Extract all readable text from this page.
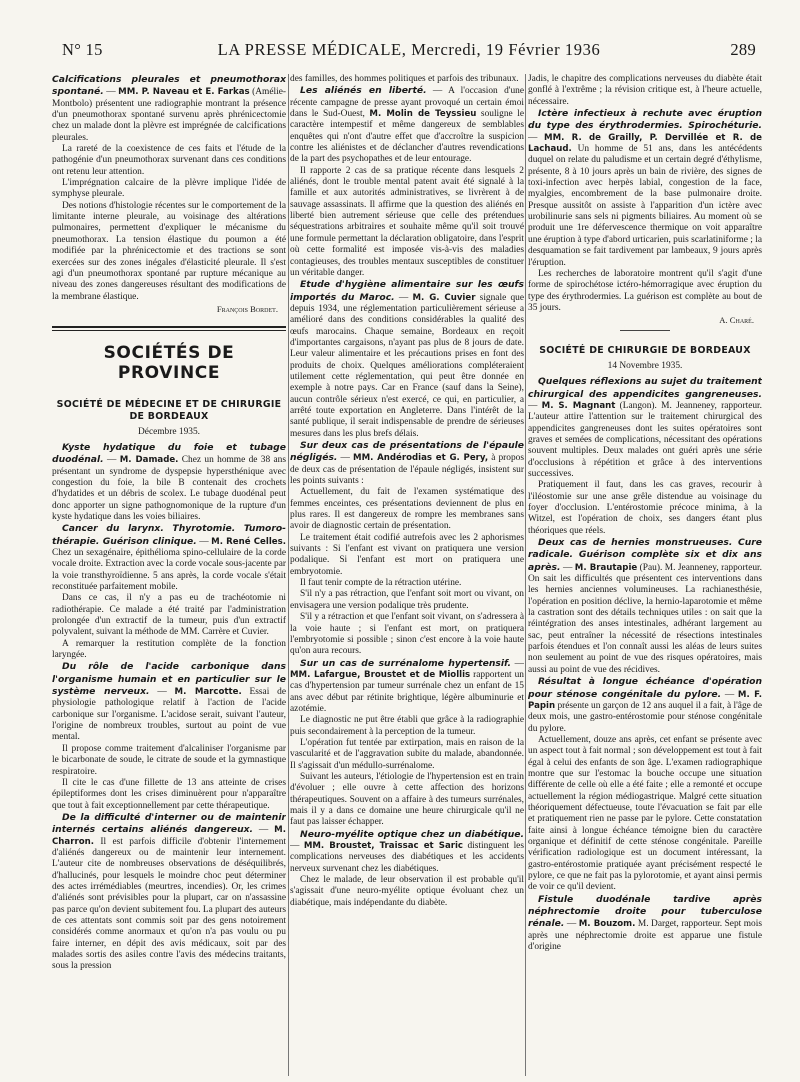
N° 15	LA PRESSE MÉDICALE, Mercredi, 19 Février 1936	289

Calcifications pleurales et pneumothorax spontané. — MM. P. Naveau et E. Farkas (Amélie-Montbolo) présentent une radiographie montrant la présence d'un pneumothorax spontané survenu après phrénicectomie chez un malade dont la plèvre est imprégnée de calcifications pleurales.

La rareté de la coexistence de ces faits et l'étude de la pathogénie d'un pneumothorax survenant dans ces conditions ont retenu leur attention.

L'imprégnation calcaire de la plèvre implique l'idée de symphyse pleurale.

Des notions d'histologie récentes sur le comportement de la limitante interne pleurale, au voisinage des altérations pulmonaires, permettent d'expliquer le mécanisme du pneumothorax. La tension élastique du poumon a été modifiée par la phrénicectomie et des tractions se sont exercées sur des zones inégales d'élasticité pleurale. Il s'est agi d'un pneumothorax spontané par rupture mécanique au niveau des zones dangereuses résultant des modifications de la membrane élastique.

François Bordet.
SOCIÉTÉS DE PROVINCE
SOCIÉTÉ DE MÉDECINE ET DE CHIRURGIE DE BORDEAUX
Décembre 1935.

Kyste hydatique du foie et tubage duodénal. — M. Damade. Chez un homme de 38 ans présentant un syndrome de dyspepsie hypersthénique avec congestion du foie, la bile B contenait des crochets d'hydatides et un débris de scolex. Le tubage duodénal peut donc apporter un signe pathognomonique de la rupture d'un kyste hydatique dans les voies biliaires.

Cancer du larynx. Thyrotomie. Tumoro-thérapie. Guérison clinique. — M. René Celles. Chez un sexagénaire, épithélioma spino-cellulaire de la corde vocale droite. Extraction avec la corde vocale sous-jacente par la voie transthyroïdienne. 5 ans après, la corde vocale s'était reconstituée parfaitement mobile.

Dans ce cas, il n'y a pas eu de trachéotomie ni radiothérapie. Ce malade a été traité par l'administration prolongée d'un extractif de la tumeur, puis d'un extractif polyvalent, suivant la méthode de MM. Carrère et Cuvier.

A remarquer la restitution complète de la fonction laryngée.

Du rôle de l'acide carbonique dans l'organisme humain et en particulier sur le système nerveux. — M. Marcotte. Essai de physiologie pathologique relatif à l'action de l'acide carbonique sur l'organisme. L'acidose serait, suivant l'auteur, l'origine de nombreux troubles, surtout au point de vue mental.

Il propose comme traitement d'alcaliniser l'organisme par le bicarbonate de soude, le citrate de soude et la gymnastique respiratoire.

Il cite le cas d'une fillette de 13 ans atteinte de crises épileptiformes dont les crises diminuèrent pour n'apparaître que tout à fait exceptionnellement par cette thérapeutique.

De la difficulté d'interner ou de maintenir internés certains aliénés dangereux. — M. Charron. Il est parfois difficile d'obtenir l'internement d'aliénés dangereux ou de maintenir leur internement. L'auteur cite de nombreuses observations de déséquilibrés, d'hallucinés, pour lesquels le moindre choc peut déterminer des actes irrémédiables (meurtres, incendies). Or, les crimes d'aliénés sont prévisibles pour la plupart, car on n'assassine pas parce qu'on devient subitement fou. La plupart des auteurs de ces attentats sont commis soit par des gens notoirement considérés comme anormaux et qu'on n'a pas voulu ou pu faire interner, en dépit des avis médicaux, soit par des malades sortis des asiles contre l'avis des médecins traitants, sous la pression

des familles, des hommes politiques et parfois des tribunaux.

Les aliénés en liberté. — A l'occasion d'une récente campagne de presse ayant provoqué un certain émoi dans le Sud-Ouest, M. Molin de Teyssieu souligne le caractère intempestif et même dangereux de semblables enquêtes qui n'ont d'autre effet que d'accroître la suspicion contre les aliénistes et de déclancher d'autres revendications de la part des psychopathes et de leur entourage.

Il rapporte 2 cas de sa pratique récente dans lesquels 2 aliénés, dont le trouble mental patent avait été signalé à la famille et aux autorités administratives, se livrèrent à de sauvage assassinats. Il affirme que la question des aliénés en liberté bien autrement sérieuse que celle des prétendues séquestrations arbitraires et souhaite même qu'il soit trouvé une formule permettant la déclaration obligatoire, dans l'esprit où cette formalité est imposée vis-à-vis des maladies contagieuses, des troubles mentaux susceptibles de constituer un véritable danger.

Etude d'hygiène alimentaire sur les œufs importés du Maroc. — M. G. Cuvier signale que depuis 1934, une réglementation particulièrement sérieuse a amélioré dans des conditions considérables la qualité des œufs marocains. Chaque semaine, Bordeaux en reçoit d'importantes cargaisons, n'ayant pas plus de 8 jours de date. Leur valeur alimentaire et les précautions prises en font des produits de choix. Quelques améliorations compléteraient utilement cette réglementation, qui peut être donnée en exemple à notre pays. Car en France (sauf dans la Seine), aucun contrôle sérieux n'est exercé, ce qui, en particulier, a arrêté toute exportation en Angleterre. Dans l'intérêt de la santé publique, il serait indispensable de prendre de sérieuses mesures dans les plus brefs délais.

Sur deux cas de présentations de l'épaule négligés. — MM. Andérodias et G. Pery, à propos de deux cas de présentation de l'épaule négligés, insistent sur les points suivants :

Actuellement, du fait de l'examen systématique des femmes enceintes, ces présentations deviennent de plus en plus rares. Il est dangereux de rompre les membranes sans avoir de diagnostic certain de présentation.

Le traitement était codifié autrefois avec les 2 aphorismes suivants : Si l'enfant est vivant on pratiquera une version podalique. Si l'enfant est mort on pratiquera une embryotomie.

Il faut tenir compte de la rétraction utérine.

S'il n'y a pas rétraction, que l'enfant soit mort ou vivant, on envisagera une version podalique très prudente.

S'il y a rétraction et que l'enfant soit vivant, on s'adressera à la voie haute ; si l'enfant est mort, on pratiquera l'embryotomie si possible ; sinon c'est encore à la voie haute qu'on aura recours.

Sur un cas de surrénalome hypertensif. — MM. Lafargue, Broustet et de Miollis rapportent un cas d'hypertension par tumeur surrénale chez un enfant de 15 ans avec début par rétinite brightique, légère albuminurie et azotémie.

Le diagnostic ne put être établi que grâce à la radiographie puis secondairement à la perception de la tumeur.

L'opération fut tentée par extirpation, mais en raison de la vascularité et de l'aggravation subite du malade, abandonnée. Il s'agissait d'un médullo-surrénalome.

Suivant les auteurs, l'étiologie de l'hypertension est en train d'évoluer ; elle ouvre à cette affection des horizons thérapeutiques. Souvent on a affaire à des tumeurs surrénales, mais il y a dans ce domaine une heure chirurgicale qu'il ne faut pas laisser échapper.

Neuro-myélite optique chez un diabétique. — MM. Broustet, Traissac et Saric distinguent les complications nerveuses des diabétiques et les accidents nerveux survenant chez les diabétiques.

Chez le malade, de leur observation il est probable qu'il s'agissait d'une neuro-myélite optique évoluant chez un diabétique, mais indépendante du diabète.

Jadis, le chapitre des complications nerveuses du diabète était gonflé à l'extrême ; la révision critique est, à l'heure actuelle, nécessaire.

Ictère infectieux à rechute avec éruption du type des érythrodermies. Spirochéturie. — MM. R. de Grailly, P. Dervillée et R. de Lachaud. Un homme de 51 ans, dans les antécédents duquel on relate du paludisme et un certain degré d'éthylisme, présente, 8 à 10 jours après un bain de rivière, des signes de toxi-infection avec herpès labial, congestion de la face, myalgies, encombrement de la base pulmonaire droite. Presque aussitôt on assiste à l'apparition d'un ictère avec urobilinurie sans sels ni pigments biliaires. Au moment où se produit une 1re défervescence thermique on voit apparaître une éruption à type d'abord urticarien, puis scarlatiniforme ; la desquamation se fait tardivement par lambeaux, 9 jours après l'éruption.

Les recherches de laboratoire montrent qu'il s'agit d'une forme de spirochétose ictéro-hémorragique avec éruption du type des érythrodermies. La guérison est complète au bout de 35 jours.

A. Charé.
SOCIÉTÉ DE CHIRURGIE DE BORDEAUX
14 Novembre 1935.

Quelques réflexions au sujet du traitement chirurgical des appendicites gangreneuses. — M. S. Magnant (Langon). M. Jeanneney, rapporteur. L'auteur attire l'attention sur le traitement chirurgical des appendicites gangreneuses dont les suites opératoires sont graves et semées de complications, nécessitant des opérations souvent multiples. Deux malades ont guéri après une série d'occlusions à répétition et grâce à des interventions successives.

Pratiquement il faut, dans les cas graves, recourir à l'iléostomie sur une anse grêle distendue au voisinage du foyer d'occlusion. L'entérostomie précoce minima, à la Witzel, est l'opération de choix, ses dangers étant plus théoriques que réels.

Deux cas de hernies monstrueuses. Cure radicale. Guérison complète six et dix ans après. — M. Brautapie (Pau). M. Jeanneney, rapporteur. On sait les difficultés que présentent ces interventions dans les hernies anciennes volumineuses. La rachianesthésie, l'opération en position déclive, la hernio-laparotomie et même la castration sont des détails techniques utiles : on sait que la réintégration des anses intestinales, adhérant largement au sac, peut entraîner la nécessité de résections intestinales parfois étendues et l'on connaît aussi les aléas de leurs suites non seulement au point de vue des risques opératoires, mais aussi au point de vue des récidives.

Résultat à longue échéance d'opération pour sténose congénitale du pylore. — M. F. Papin présente un garçon de 12 ans auquel il a fait, à l'âge de deux mois, une gastro-entérostomie pour sténose congénitale du pylore.

Actuellement, douze ans après, cet enfant se présente avec un aspect tout à fait normal ; son développement est tout à fait égal à celui des enfants de son âge. L'examen radiographique montre que sur l'estomac la bouche occupe une situation différente de celle où elle a été faite ; elle a remonté et occupe actuellement la région médiogastrique. Malgré cette situation théoriquement défectueuse, toute l'évacuation se fait par elle et pratiquement rien ne passe par le pylore. Cette constatation faite ainsi à longue échéance témoigne bien du caractère organique et définitif de cette sténose congénitale. Pareille vérification radiologique est un document intéressant, la gastro-entérostomie pratiquée ayant précisément respecté le pylore, ce que ne fait pas la pylorotomie, et ayant ainsi permis de voir ce qu'il devient.

Fistule duodénale tardive après néphrectomie droite pour tuberculose rénale. — M. Bouzom. M. Darget, rapporteur. Sept mois après une néphrectomie droite est apparue une fistule d'origine
